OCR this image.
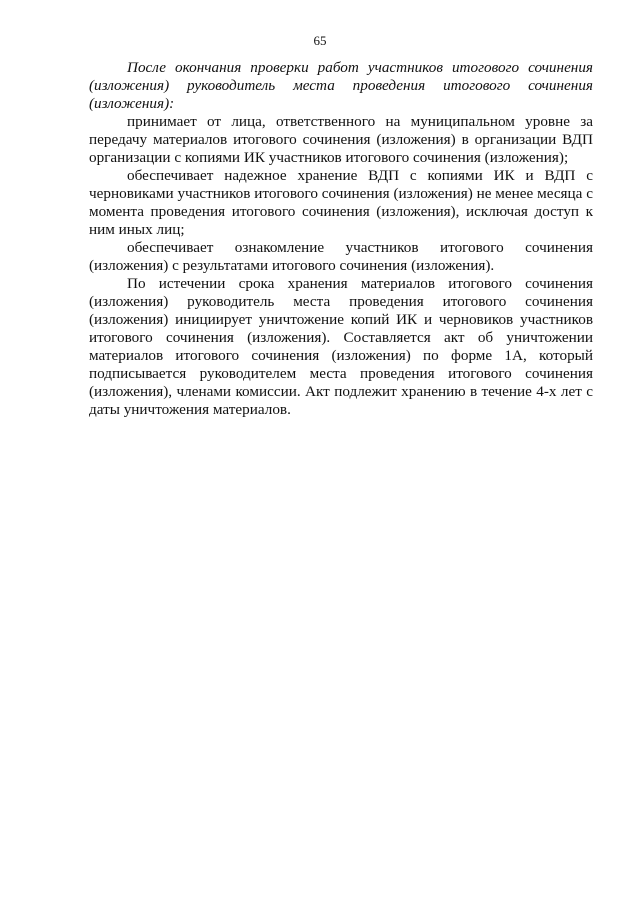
65

После окончания проверки работ участников итогового сочинения (изложения) руководитель места проведения итогового сочинения (изложения):

принимает от лица, ответственного на муниципальном уровне за передачу материалов итогового сочинения (изложения) в организации ВДП организации с копиями ИК участников итогового сочинения (изложения);

обеспечивает надежное хранение ВДП с копиями ИК и ВДП с черновиками участников итогового сочинения (изложения) не менее месяца с момента проведения итогового сочинения (изложения), исключая доступ к ним иных лиц;

обеспечивает ознакомление участников итогового сочинения (изложения) с результатами итогового сочинения (изложения).

По истечении срока хранения материалов итогового сочинения (изложения) руководитель места проведения итогового сочинения (изложения) инициирует уничтожение копий ИК и черновиков участников итогового сочинения (изложения). Составляется акт об уничтожении материалов итогового сочинения (изложения) по форме 1А, который подписывается руководителем места проведения итогового сочинения (изложения), членами комиссии. Акт подлежит хранению в течение 4-х лет с даты уничтожения материалов.
